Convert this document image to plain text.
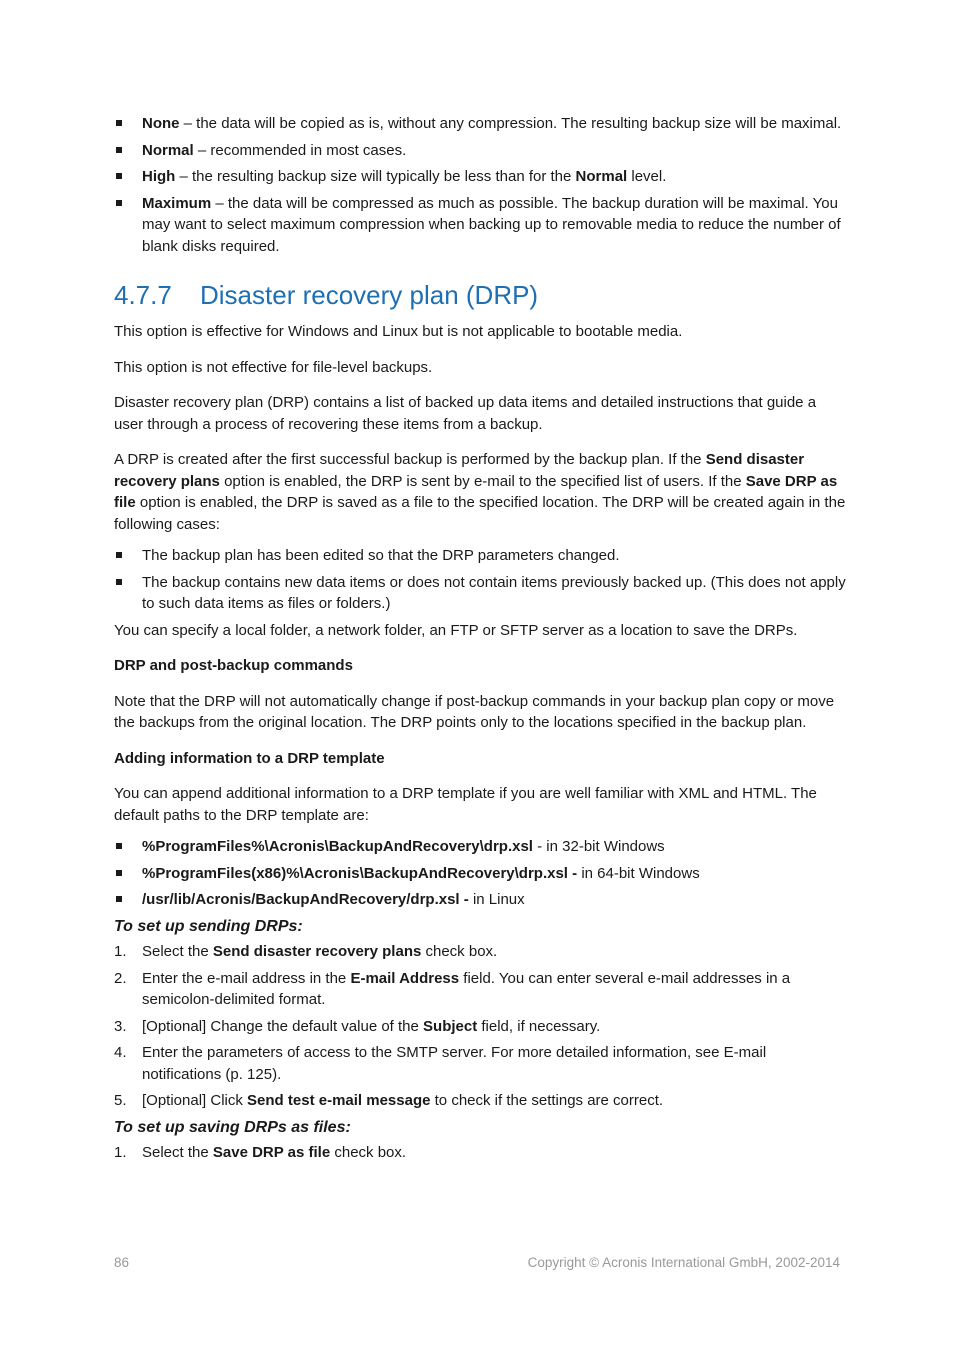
None – the data will be copied as is, without any compression. The resulting backup size will be maximal.
Normal – recommended in most cases.
High – the resulting backup size will typically be less than for the Normal level.
Maximum – the data will be compressed as much as possible. The backup duration will be maximal. You may want to select maximum compression when backing up to removable media to reduce the number of blank disks required.
4.7.7 Disaster recovery plan (DRP)

This option is effective for Windows and Linux but is not applicable to bootable media.

This option is not effective for file-level backups.

Disaster recovery plan (DRP) contains a list of backed up data items and detailed instructions that guide a user through a process of recovering these items from a backup.

A DRP is created after the first successful backup is performed by the backup plan. If the Send disaster recovery plans option is enabled, the DRP is sent by e-mail to the specified list of users. If the Save DRP as file option is enabled, the DRP is saved as a file to the specified location. The DRP will be created again in the following cases:

The backup plan has been edited so that the DRP parameters changed.
The backup contains new data items or does not contain items previously backed up. (This does not apply to such data items as files or folders.)

You can specify a local folder, a network folder, an FTP or SFTP server as a location to save the DRPs.

DRP and post-backup commands

Note that the DRP will not automatically change if post-backup commands in your backup plan copy or move the backups from the original location. The DRP points only to the locations specified in the backup plan.

Adding information to a DRP template

You can append additional information to a DRP template if you are well familiar with XML and HTML. The default paths to the DRP template are:

%ProgramFiles%\Acronis\BackupAndRecovery\drp.xsl - in 32-bit Windows
%ProgramFiles(x86)%\Acronis\BackupAndRecovery\drp.xsl - in 64-bit Windows
/usr/lib/Acronis/BackupAndRecovery/drp.xsl - in Linux
To set up sending DRPs:
1. Select the Send disaster recovery plans check box.
2. Enter the e-mail address in the E-mail Address field. You can enter several e-mail addresses in a semicolon-delimited format.
3. [Optional] Change the default value of the Subject field, if necessary.
4. Enter the parameters of access to the SMTP server. For more detailed information, see E-mail notifications (p. 125).
5. [Optional] Click Send test e-mail message to check if the settings are correct.
To set up saving DRPs as files:
1. Select the Save DRP as file check box.
86	Copyright © Acronis International GmbH, 2002-2014
